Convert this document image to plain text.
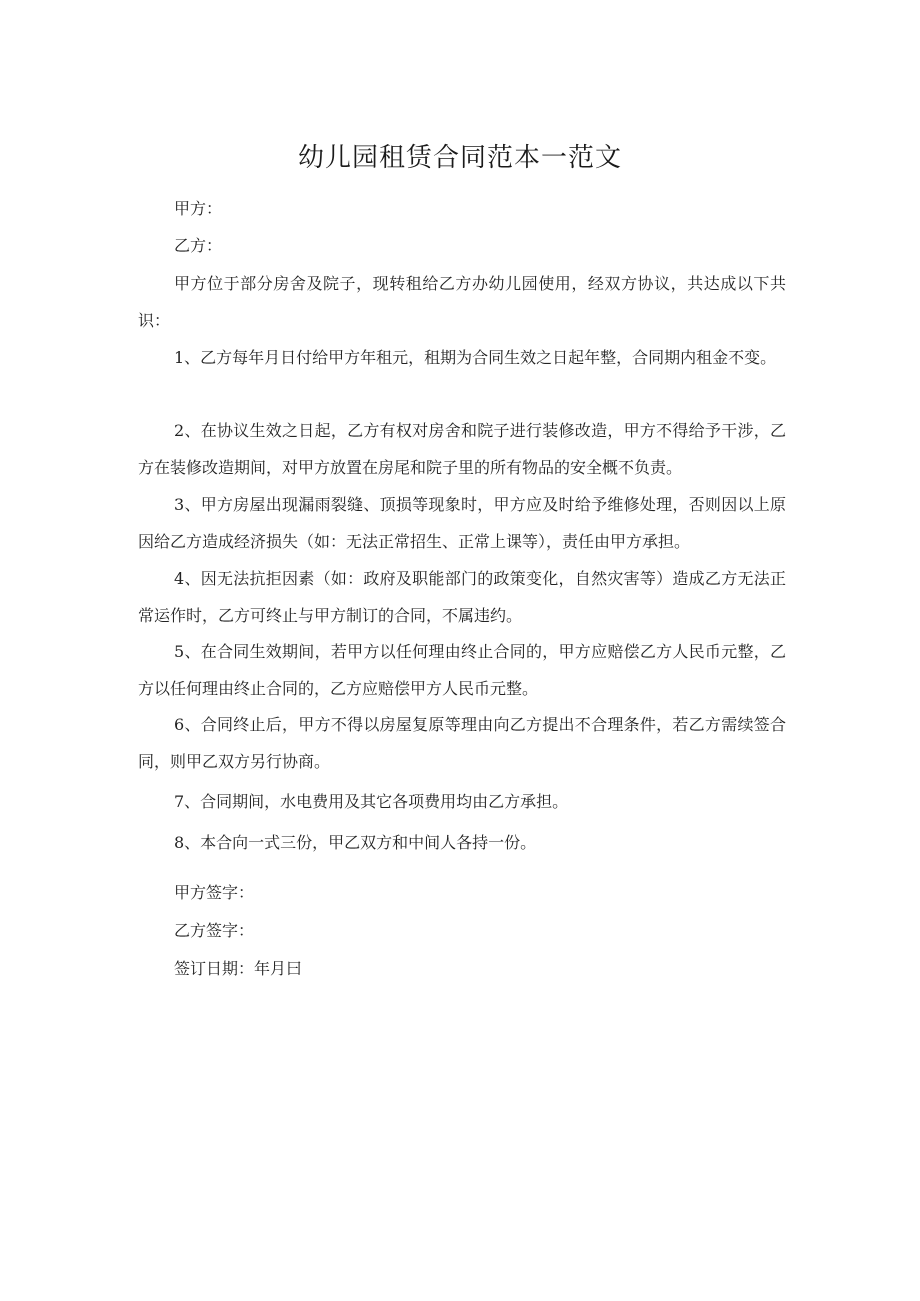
幼儿园租赁合同范本一范文
甲方：
乙方：
甲方位于部分房舍及院子，现转租给乙方办幼儿园使用，经双方协议，共达成以下共识：
1、乙方每年月日付给甲方年租元，租期为合同生效之日起年整，合同期内租金不变。
2、在协议生效之日起，乙方有权对房舍和院子进行装修改造，甲方不得给予干涉，乙方在装修改造期间，对甲方放置在房尾和院子里的所有物品的安全概不负责。
3、甲方房屋出现漏雨裂缝、顶损等现象时，甲方应及时给予维修处理，否则因以上原因给乙方造成经济损失（如：无法正常招生、正常上课等），责任由甲方承担。
4、因无法抗拒因素（如：政府及职能部门的政策变化，自然灾害等）造成乙方无法正常运作时，乙方可终止与甲方制订的合同，不属违约。
5、在合同生效期间，若甲方以任何理由终止合同的，甲方应赔偿乙方人民币元整，乙方以任何理由终止合同的，乙方应赔偿甲方人民币元整。
6、合同终止后，甲方不得以房屋复原等理由向乙方提出不合理条件，若乙方需续签合同，则甲乙双方另行协商。
7、合同期间，水电费用及其它各项费用均由乙方承担。
8、本合向一式三份，甲乙双方和中间人各持一份。
甲方签字：
乙方签字：
签订日期：年月曰
